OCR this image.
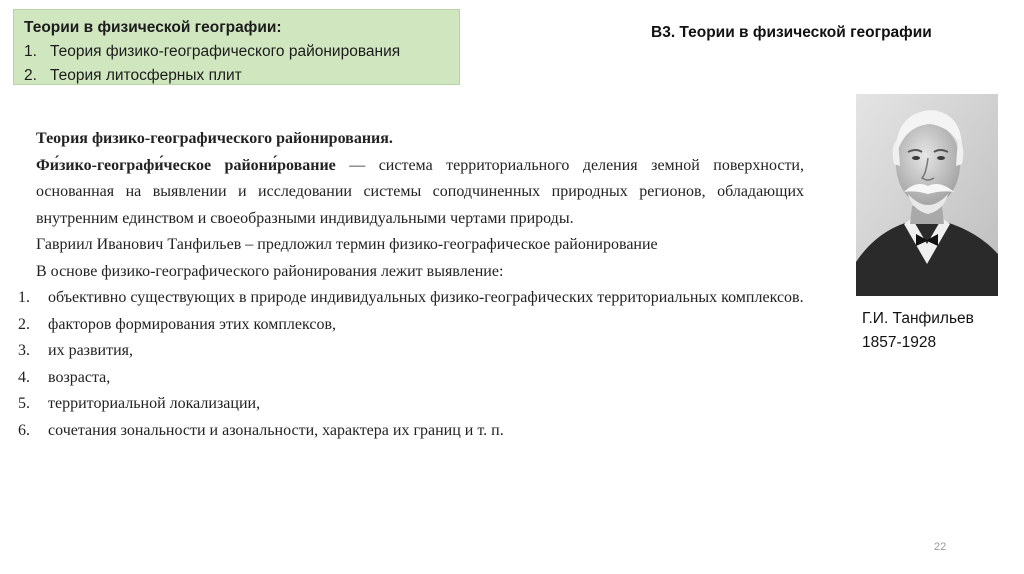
Теории в физической географии:
1. Теория физико-географического районирования
2. Теория литосферных плит
В3. Теории в физической географии
Теория физико-географического районирования.
Фи́зико-географи́ческое райони́рование — система территориального деления земной поверхности, основанная на выявлении и исследовании системы соподчиненных природных регионов, обладающих внутренним единством и своеобразными индивидуальными чертами природы.
Гавриил Иванович Танфильев – предложил термин физико-географическое районирование
В основе физико-географического районирования лежит выявление:
1.	объективно существующих в природе индивидуальных физико-географических территориальных комплексов.
2.	факторов формирования этих комплексов,
3.	их развития,
4.	возраста,
5.	территориальной локализации,
6.	сочетания зональности и азональности, характера их границ и т. п.
Г.И. Танфильев
1857-1928
22
